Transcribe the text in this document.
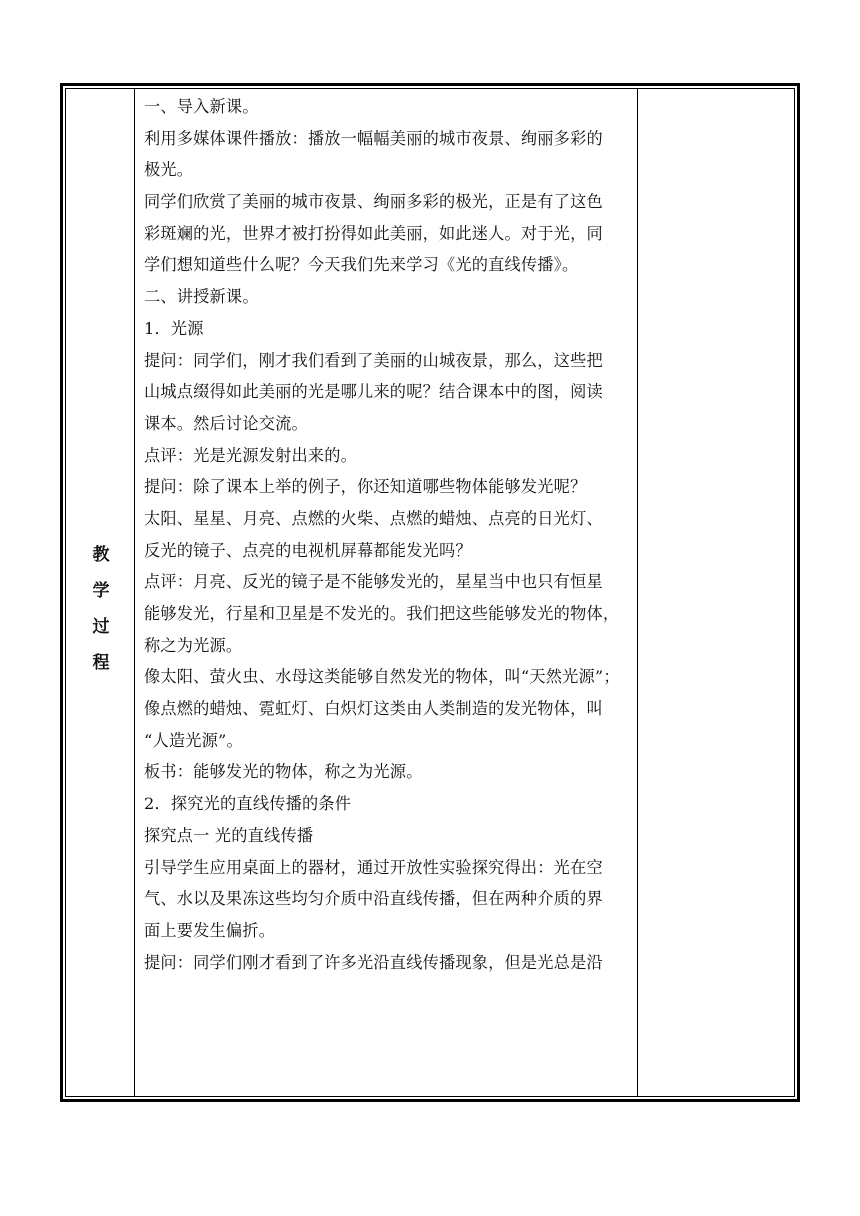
教
学
过
程
一、导入新课。
利用多媒体课件播放：播放一幅幅美丽的城市夜景、绚丽多彩的
极光。
同学们欣赏了美丽的城市夜景、绚丽多彩的极光，正是有了这色
彩斑斓的光，世界才被打扮得如此美丽，如此迷人。对于光，同
学们想知道些什么呢？今天我们先来学习《光的直线传播》。
二、讲授新课。
1．光源
提问：同学们，刚才我们看到了美丽的山城夜景，那么，这些把
山城点缀得如此美丽的光是哪儿来的呢？结合课本中的图，阅读
课本。然后讨论交流。
点评：光是光源发射出来的。
提问：除了课本上举的例子，你还知道哪些物体能够发光呢？
太阳、星星、月亮、点燃的火柴、点燃的蜡烛、点亮的日光灯、
反光的镜子、点亮的电视机屏幕都能发光吗？
点评：月亮、反光的镜子是不能够发光的，星星当中也只有恒星
能够发光，行星和卫星是不发光的。我们把这些能够发光的物体，
称之为光源。
像太阳、萤火虫、水母这类能够自然发光的物体，叫“天然光源”；
像点燃的蜡烛、霓虹灯、白炽灯这类由人类制造的发光物体，叫
“人造光源”。
板书：能够发光的物体，称之为光源。
2．探究光的直线传播的条件
探究点一 光的直线传播
引导学生应用桌面上的器材，通过开放性实验探究得出：光在空
气、水以及果冻这些均匀介质中沿直线传播，但在两种介质的界
面上要发生偏折。
提问：同学们刚才看到了许多光沿直线传播现象，但是光总是沿
